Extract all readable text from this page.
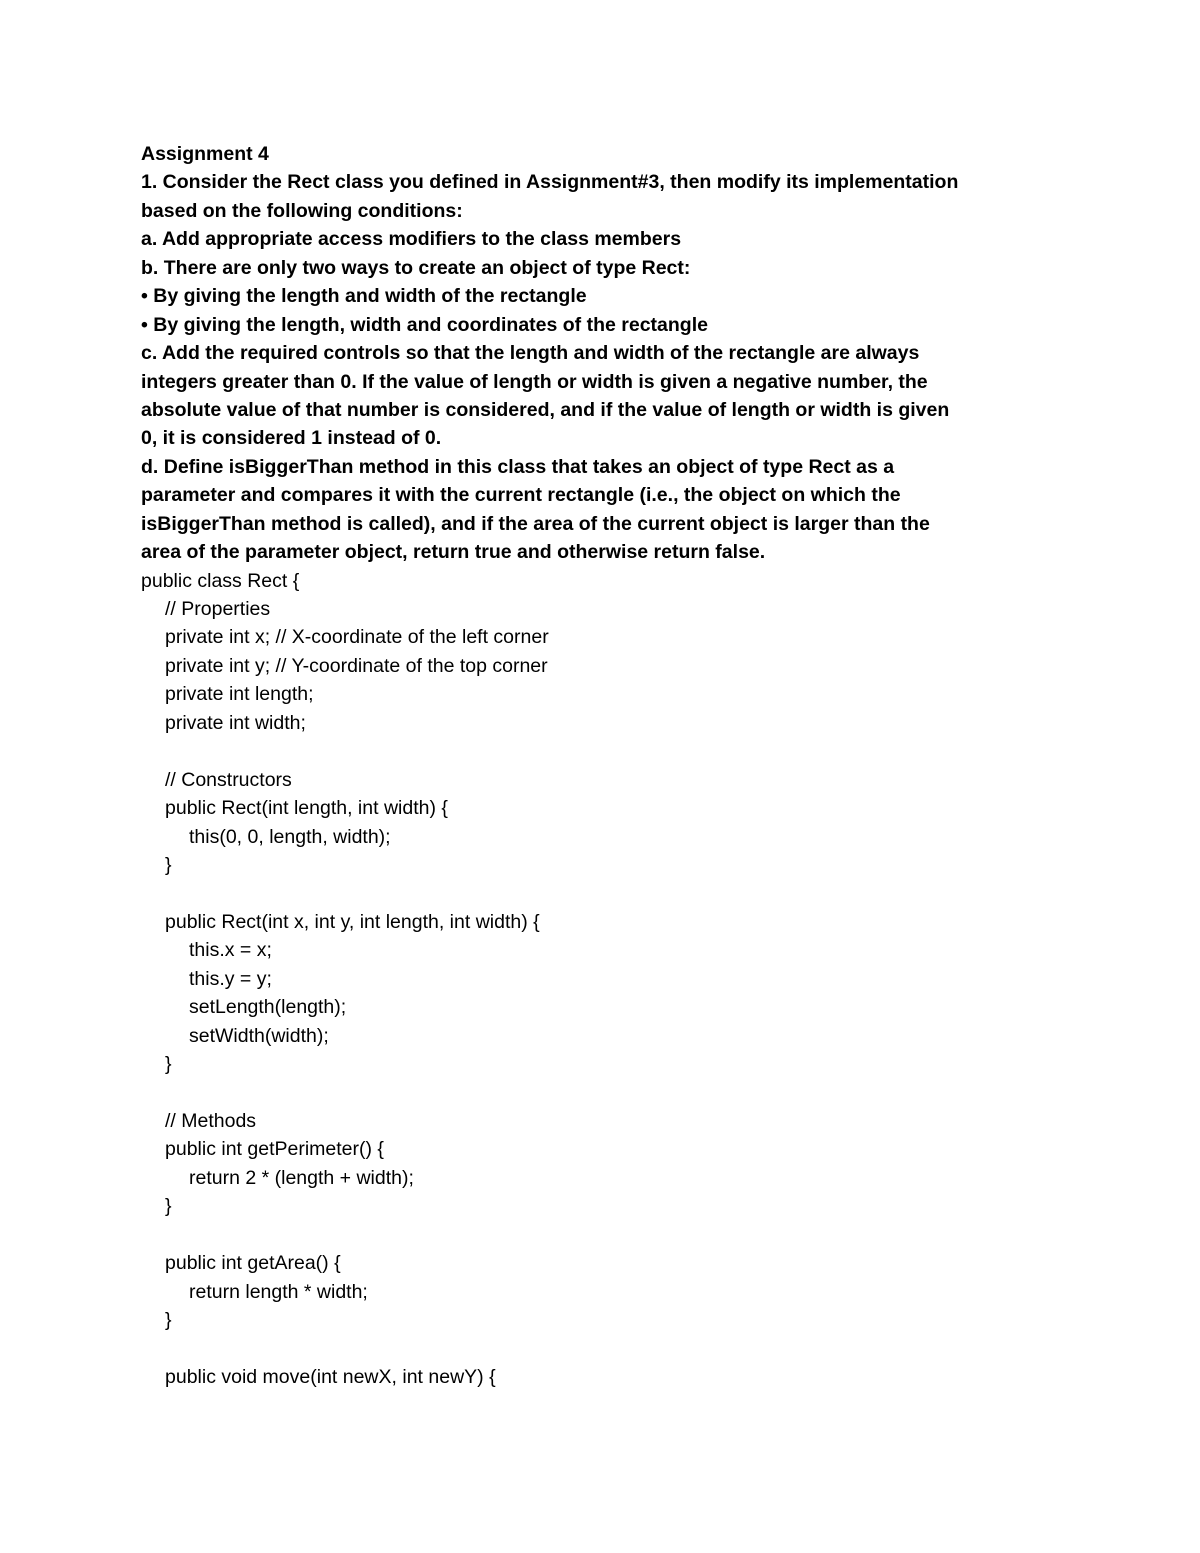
Assignment 4
1. Consider the Rect class you defined in Assignment#3, then modify its implementation
based on the following conditions:
a. Add appropriate access modifiers to the class members
b. There are only two ways to create an object of type Rect:
• By giving the length and width of the rectangle
• By giving the length, width and coordinates of the rectangle
c. Add the required controls so that the length and width of the rectangle are always
integers greater than 0. If the value of length or width is given a negative number, the
absolute value of that number is considered, and if the value of length or width is given
0, it is considered 1 instead of 0.
d. Define isBiggerThan method in this class that takes an object of type Rect as a
parameter and compares it with the current rectangle (i.e., the object on which the
isBiggerThan method is called), and if the area of the current object is larger than the
area of the parameter object, return true and otherwise return false.
public class Rect {
// Properties
private int x; // X-coordinate of the left corner
private int y; // Y-coordinate of the top corner
private int length;
private int width;
// Constructors
public Rect(int length, int width) {
this(0, 0, length, width);
}
public Rect(int x, int y, int length, int width) {
this.x = x;
this.y = y;
setLength(length);
setWidth(width);
}
// Methods
public int getPerimeter() {
return 2 * (length + width);
}
public int getArea() {
return length * width;
}
public void move(int newX, int newY) {
